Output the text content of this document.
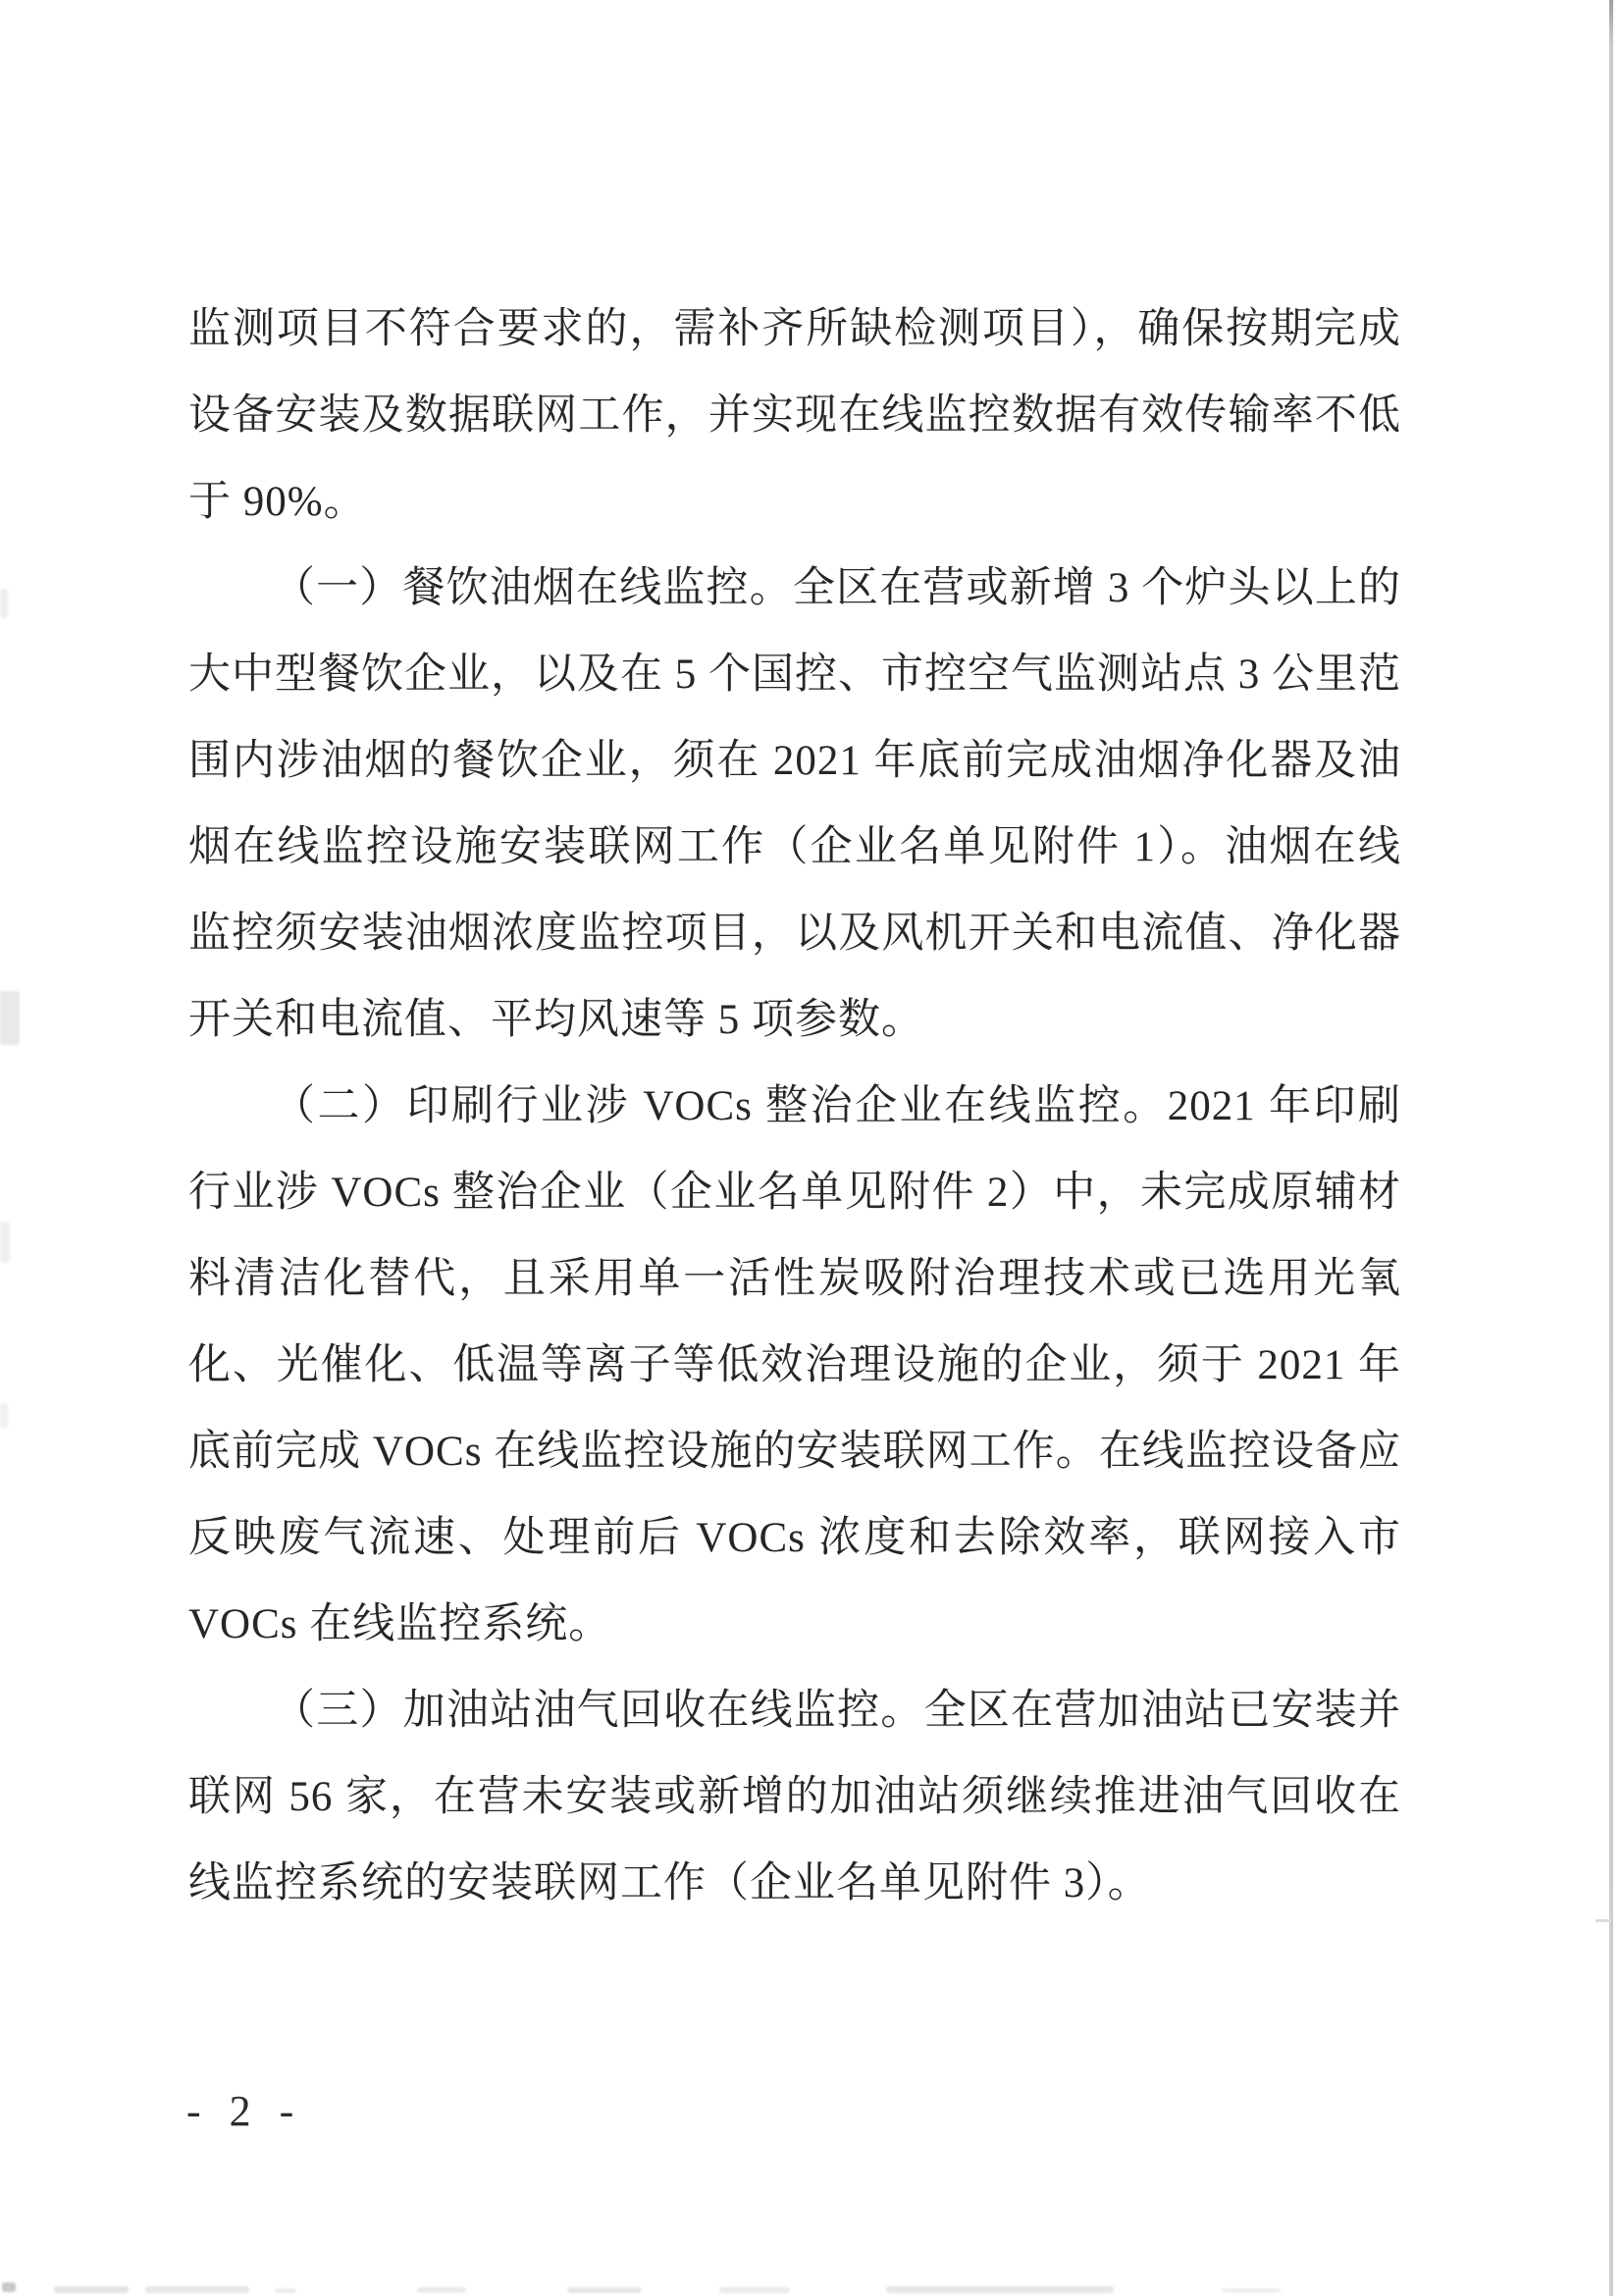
监测项目不符合要求的，需补齐所缺检测项目），确保按期完成
设备安装及数据联网工作，并实现在线监控数据有效传输率不低
于 90%。
（一）餐饮油烟在线监控。全区在营或新增 3 个炉头以上的
大中型餐饮企业，以及在 5 个国控、市控空气监测站点 3 公里范
围内涉油烟的餐饮企业，须在 2021 年底前完成油烟净化器及油
烟在线监控设施安装联网工作（企业名单见附件 1）。油烟在线
监控须安装油烟浓度监控项目，以及风机开关和电流值、净化器
开关和电流值、平均风速等 5 项参数。
（二）印刷行业涉 VOCs 整治企业在线监控。2021 年印刷
行业涉 VOCs 整治企业（企业名单见附件 2）中，未完成原辅材
料清洁化替代，且采用单一活性炭吸附治理技术或已选用光氧
化、光催化、低温等离子等低效治理设施的企业，须于 2021 年
底前完成 VOCs 在线监控设施的安装联网工作。在线监控设备应
反映废气流速、处理前后 VOCs 浓度和去除效率，联网接入市
VOCs 在线监控系统。
（三）加油站油气回收在线监控。全区在营加油站已安装并
联网 56 家，在营未安装或新增的加油站须继续推进油气回收在
线监控系统的安装联网工作（企业名单见附件 3）。
- 2 -
